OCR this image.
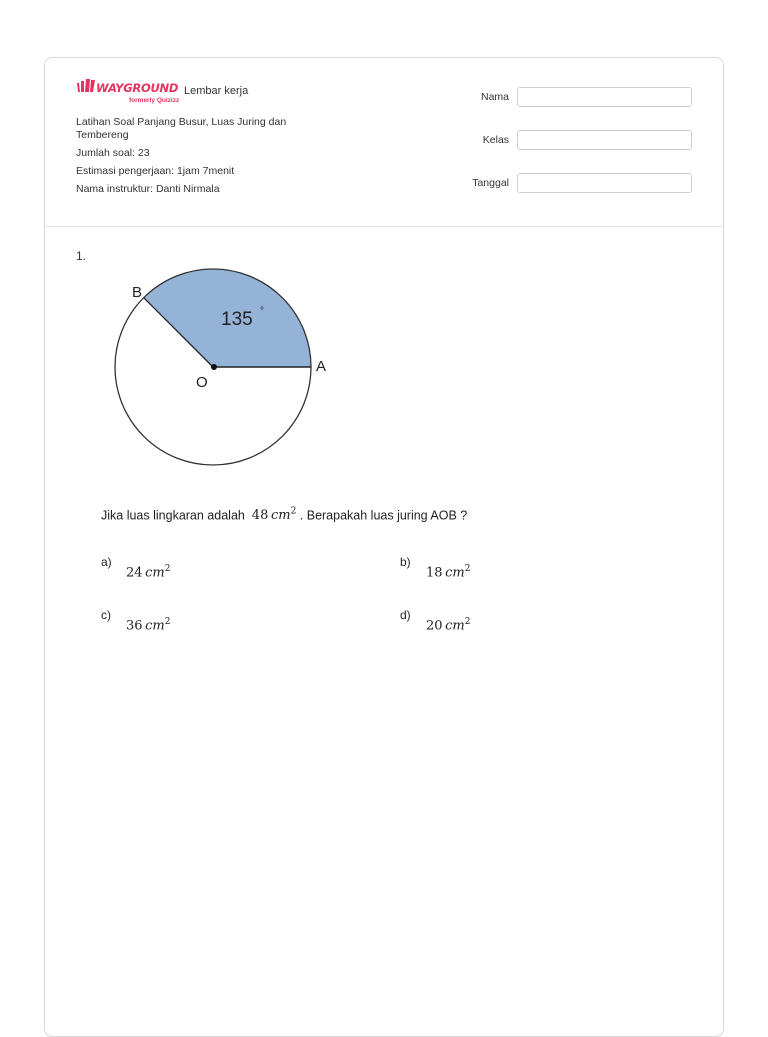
WAYGROUND
formerly Quizizz
Lembar kerja
Latihan Soal Panjang Busur, Luas Juring dan Tembereng
Jumlah soal: 23
Estimasi pengerjaan: 1jam 7menit
Nama instruktur: Danti Nirmala
Nama
Kelas
Tanggal
1.
135 °
B
A
O
Jika luas lingkaran adalah 48  $cm^2$ . Berapakah luas juring AOB ?
a)
24  $cm^2$	b)
18  $cm^2$
c)
36  $cm^2$	d)
20  $cm^2$
